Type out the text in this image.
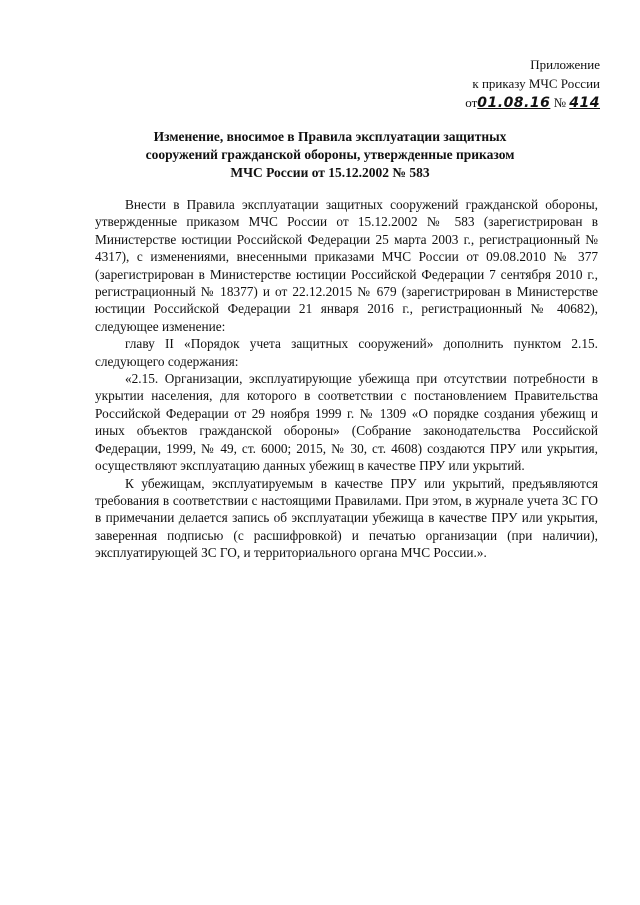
Приложение
к приказу МЧС России
от01.08.16 № 414
Изменение, вносимое в Правила эксплуатации защитных
сооружений гражданской обороны, утвержденные приказом
МЧС России от 15.12.2002 № 583

Внести в Правила эксплуатации защитных сооружений гражданской обороны, утвержденные приказом МЧС России от 15.12.2002 № 583 (зарегистрирован в Министерстве юстиции Российской Федерации 25 марта 2003 г., регистрационный № 4317), с изменениями, внесенными приказами МЧС России от 09.08.2010 № 377 (зарегистрирован в Министерстве юстиции Российской Федерации 7 сентября 2010 г., регистрационный № 18377) и от 22.12.2015 № 679 (зарегистрирован в Министерстве юстиции Российской Федерации 21 января 2016 г., регистрационный № 40682), следующее изменение:

главу II «Порядок учета защитных сооружений» дополнить пунктом 2.15. следующего содержания:

«2.15. Организации, эксплуатирующие убежища при отсутствии потребности в укрытии населения, для которого в соответствии с постановлением Правительства Российской Федерации от 29 ноября 1999 г. № 1309 «О порядке создания убежищ и иных объектов гражданской обороны» (Собрание законодательства Российской Федерации, 1999, № 49, ст. 6000; 2015, № 30, ст. 4608) создаются ПРУ или укрытия, осуществляют эксплуатацию данных убежищ в качестве ПРУ или укрытий.

К убежищам, эксплуатируемым в качестве ПРУ или укрытий, предъявляются требования в соответствии с настоящими Правилами. При этом, в журнале учета ЗС ГО в примечании делается запись об эксплуатации убежища в качестве ПРУ или укрытия, заверенная подписью (с расшифровкой) и печатью организации (при наличии), эксплуатирующей ЗС ГО, и территориального органа МЧС России.».
